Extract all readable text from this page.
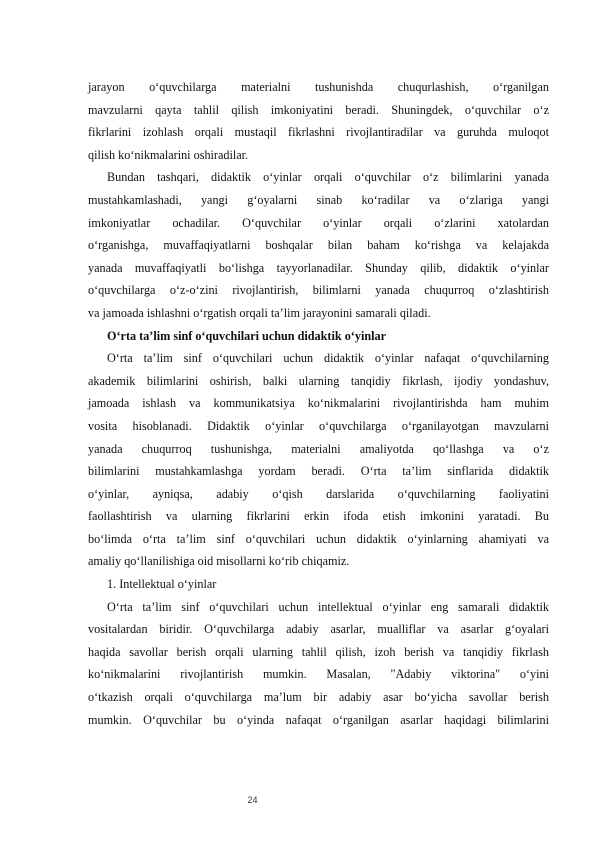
jarayon o‘quvchilarga materialni tushunishda chuqurlashish, o‘rganilgan
mavzularni qayta tahlil qilish imkoniyatini beradi. Shuningdek, o‘quvchilar o‘z
fikrlarini izohlash orqali mustaqil fikrlashni rivojlantiradilar va guruhda muloqot
qilish ko‘nikmalarini oshiradilar.

Bundan tashqari, didaktik o‘yinlar orqali o‘quvchilar o‘z bilimlarini yanada
mustahkamlashadi, yangi g‘oyalarni sinab ko‘radilar va o‘zlariga yangi
imkoniyatlar ochadilar. O‘quvchilar o‘yinlar orqali o‘zlarini xatolardan
o‘rganishga, muvaffaqiyatlarni boshqalar bilan baham ko‘rishga va kelajakda
yanada muvaffaqiyatli bo‘lishga tayyorlanadilar. Shunday qilib, didaktik o‘yinlar
o‘quvchilarga o‘z-o‘zini rivojlantirish, bilimlarni yanada chuqurroq o‘zlashtirish
va jamoada ishlashni o‘rgatish orqali ta’lim jarayonini samarali qiladi.

O‘rta ta’lim sinf o‘quvchilari uchun didaktik o‘yinlar

O‘rta ta’lim sinf o‘quvchilari uchun didaktik o‘yinlar nafaqat o‘quvchilarning
akademik bilimlarini oshirish, balki ularning tanqidiy fikrlash, ijodiy yondashuv,
jamoada ishlash va kommunikatsiya ko‘nikmalarini rivojlantirishda ham muhim
vosita hisoblanadi. Didaktik o‘yinlar o‘quvchilarga o‘rganilayotgan mavzularni
yanada chuqurroq tushunishga, materialni amaliyotda qo‘llashga va o‘z
bilimlarini mustahkamlashga yordam beradi. O‘rta ta’lim sinflarida didaktik
o‘yinlar, ayniqsa, adabiy o‘qish darslarida o‘quvchilarning faoliyatini
faollashtirish va ularning fikrlarini erkin ifoda etish imkonini yaratadi. Bu
bo‘limda o‘rta ta’lim sinf o‘quvchilari uchun didaktik o‘yinlarning ahamiyati va
amaliy qo‘llanilishiga oid misollarni ko‘rib chiqamiz.

1. Intellektual o‘yinlar

O‘rta ta’lim sinf o‘quvchilari uchun intellektual o‘yinlar eng samarali didaktik
vositalardan biridir. O‘quvchilarga adabiy asarlar, mualliflar va asarlar g‘oyalari
haqida savollar berish orqali ularning tahlil qilish, izoh berish va tanqidiy fikrlash
ko‘nikmalarini rivojlantirish mumkin. Masalan, "Adabiy viktorina" o‘yini
o‘tkazish orqali o‘quvchilarga ma’lum bir adabiy asar bo‘yicha savollar berish
mumkin. O‘quvchilar bu o‘yinda nafaqat o‘rganilgan asarlar haqidagi bilimlarini

24
